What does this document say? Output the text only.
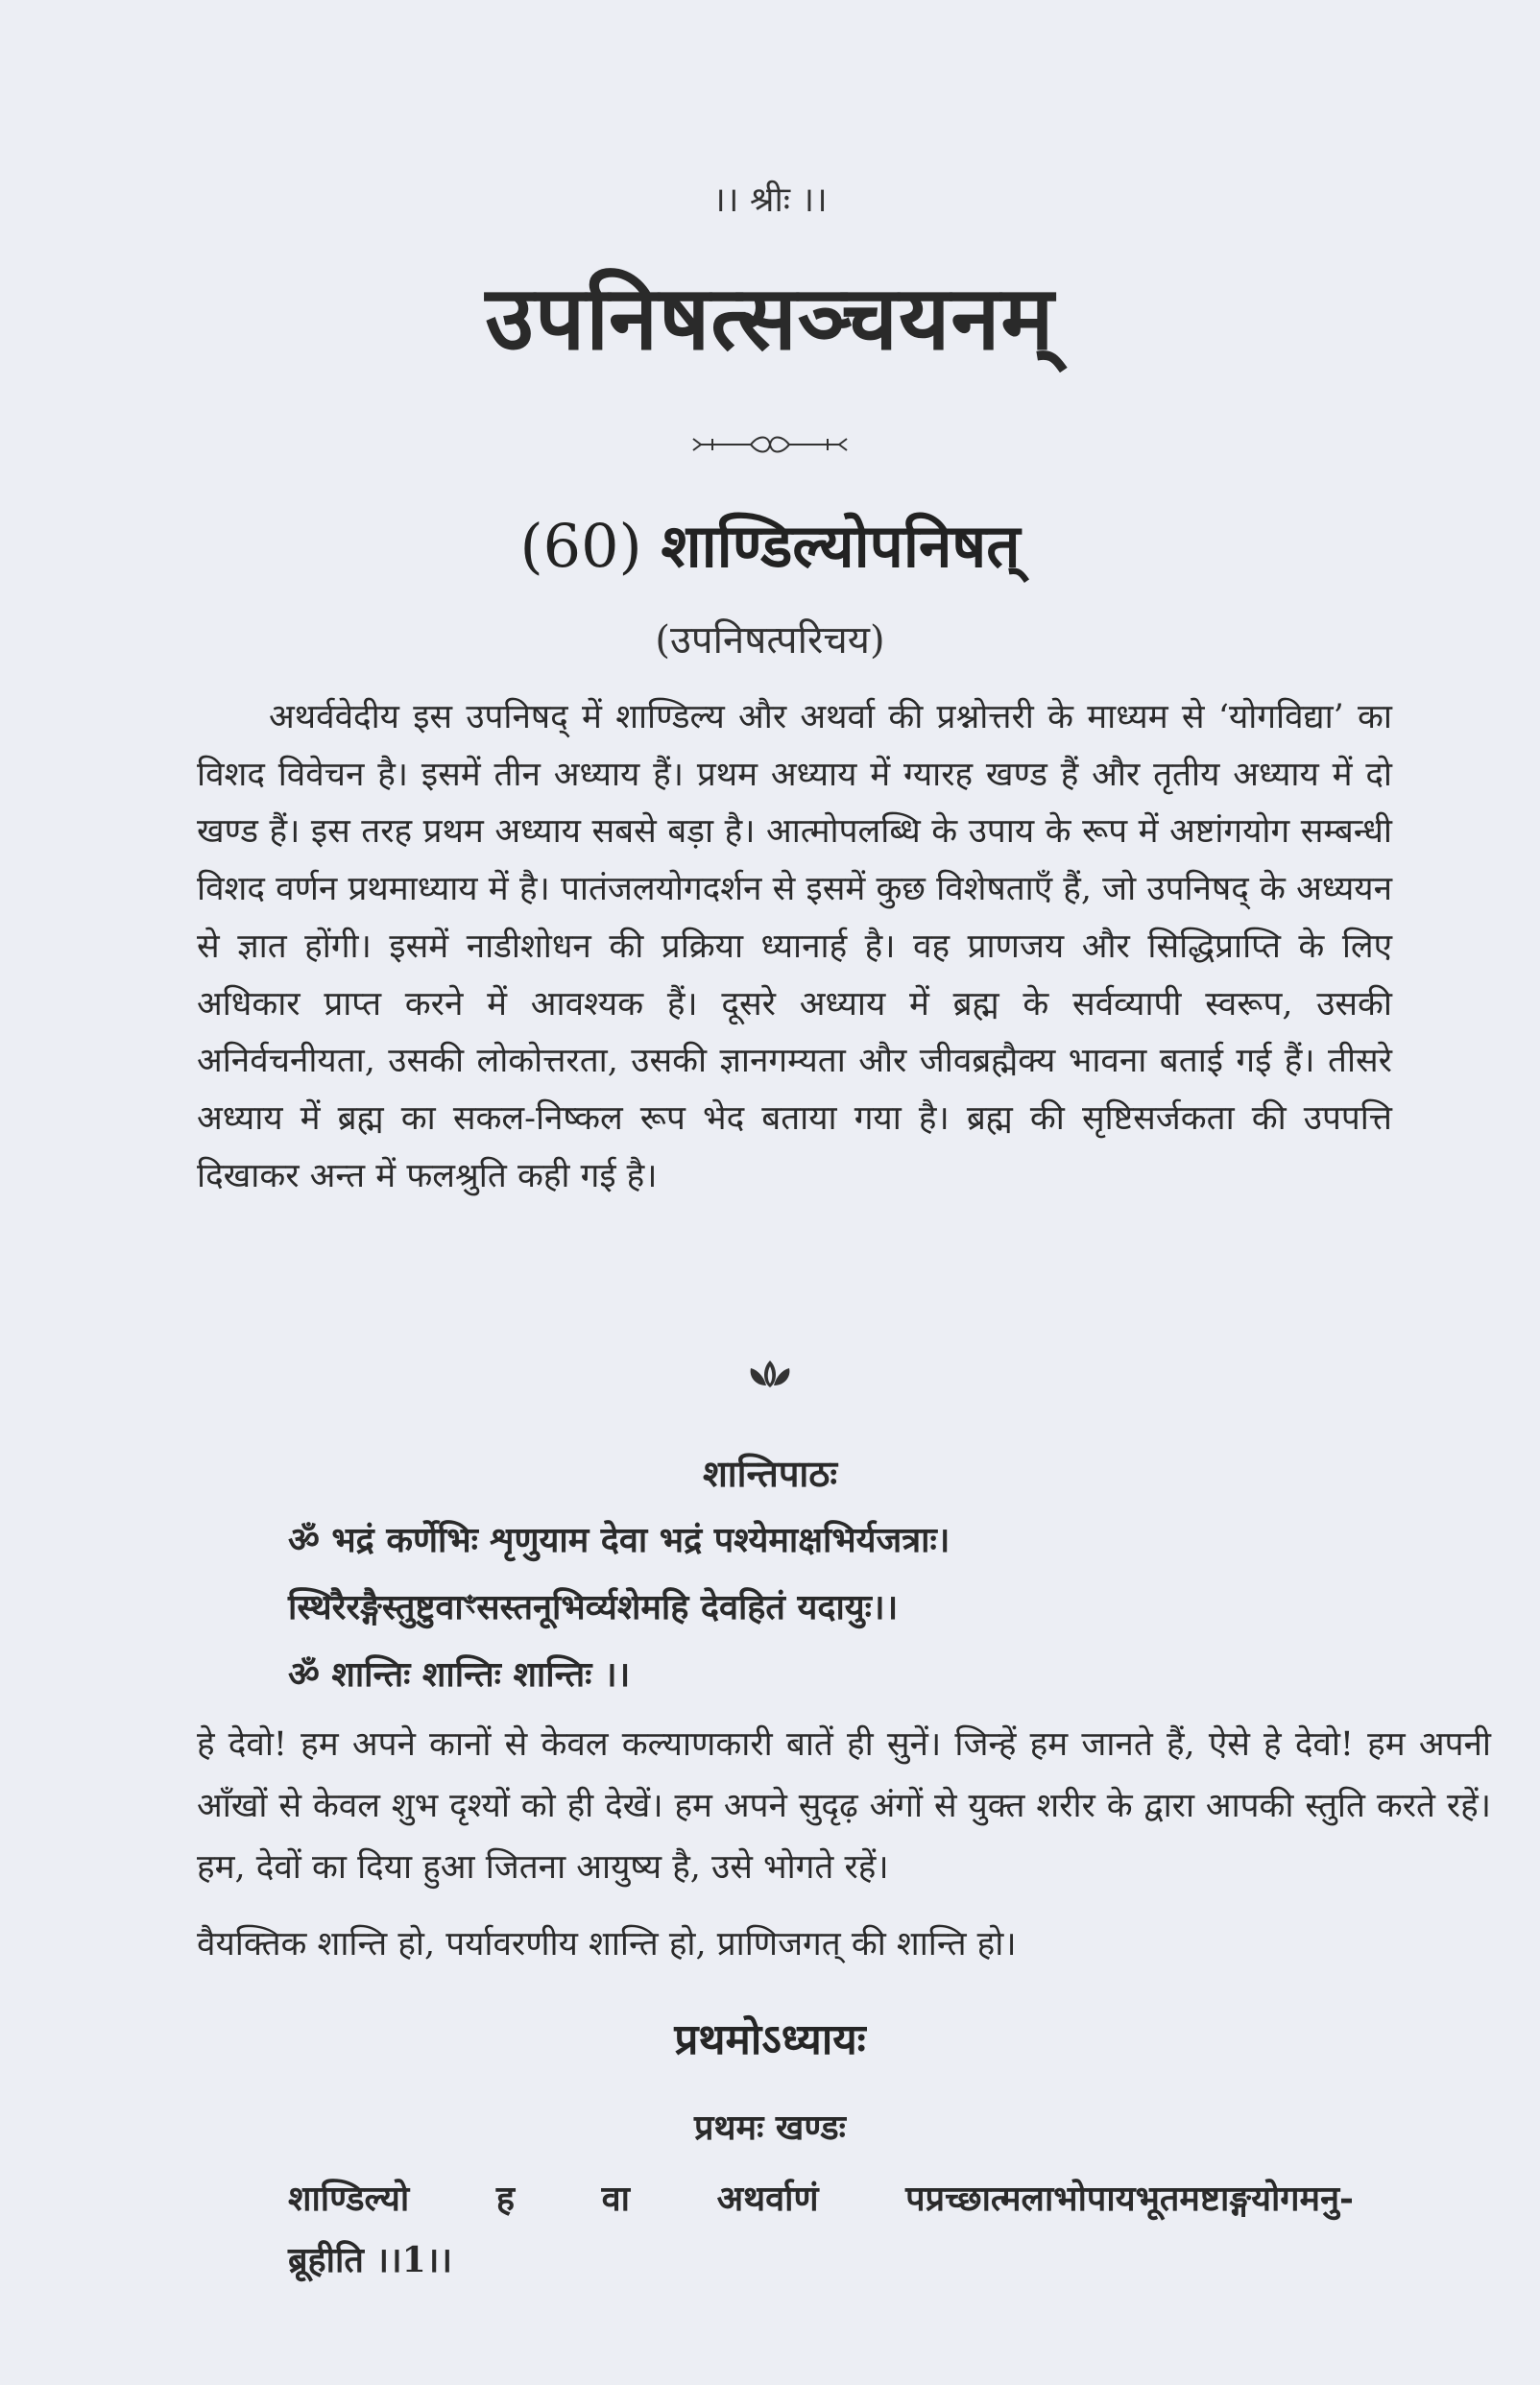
।। श्रीः ।।
उपनिषत्सञ्चयनम्
(60) शाण्डिल्योपनिषत्
(उपनिषत्परिचय)

अथर्ववेदीय इस उपनिषद् में शाण्डिल्य और अथर्वा की प्रश्नोत्तरी के माध्यम से ‘योगविद्या’ का विशद विवेचन है। इसमें तीन अध्याय हैं। प्रथम अध्याय में ग्यारह खण्ड हैं और तृतीय अध्याय में दो खण्ड हैं। इस तरह प्रथम अध्याय सबसे बड़ा है। आत्मोपलब्धि के उपाय के रूप में अष्टांगयोग सम्बन्धी विशद वर्णन प्रथमाध्याय में है। पातंजलयोगदर्शन से इसमें कुछ विशेषताएँ हैं, जो उपनिषद् के अध्ययन से ज्ञात होंगी। इसमें नाडीशोधन की प्रक्रिया ध्यानार्ह है। वह प्राणजय और सिद्धिप्राप्ति के लिए अधिकार प्राप्त करने में आवश्यक हैं। दूसरे अध्याय में ब्रह्म के सर्वव्यापी स्वरूप, उसकी अनिर्वचनीयता, उसकी लोकोत्तरता, उसकी ज्ञानगम्यता और जीवब्रह्मैक्य भावना बताई गई हैं। तीसरे अध्याय में ब्रह्म का सकल-निष्कल रूप भेद बताया गया है। ब्रह्म की सृष्टिसर्जकता की उपपत्ति दिखाकर अन्त में फलश्रुति कही गई है।

शान्तिपाठः
ॐ भद्रं कर्णेभिः शृणुयाम देवा भद्रं पश्येमाक्षभिर्यजत्राः।
स्थिरैरङ्गैस्तुष्टुवाꣳसस्तनूभिर्व्यशेमहि देवहितं यदायुः।।
ॐ शान्तिः शान्तिः शान्तिः ।।

हे देवो! हम अपने कानों से केवल कल्याणकारी बातें ही सुनें। जिन्हें हम जानते हैं, ऐसे हे देवो! हम अपनी आँखों से केवल शुभ दृश्यों को ही देखें। हम अपने सुदृढ़ अंगों से युक्त शरीर के द्वारा आपकी स्तुति करते रहें। हम, देवों का दिया हुआ जितना आयुष्य है, उसे भोगते रहें।

वैयक्तिक शान्ति हो, पर्यावरणीय शान्ति हो, प्राणिजगत् की शान्ति हो।
प्रथमोऽध्यायः
प्रथमः खण्डः

शाण्डिल्यो ह वा अथर्वाणं पप्रच्छात्मलाभोपायभूतमष्टाङ्गयोगमनु-
ब्रूहीति ।।1।।
